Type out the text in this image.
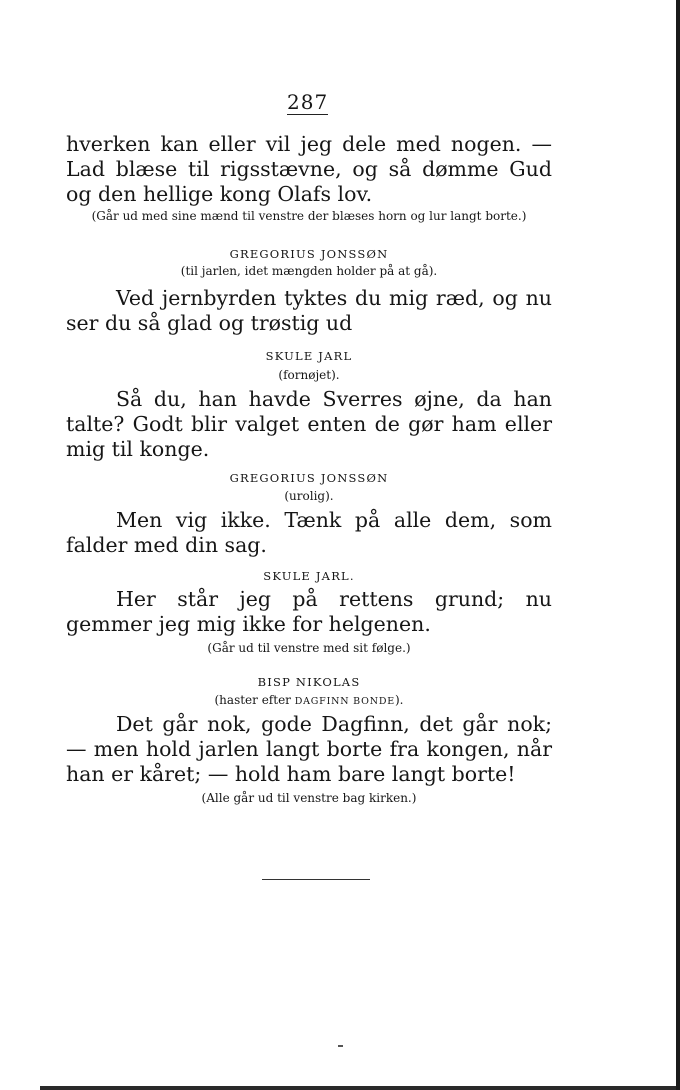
287
hverken kan eller vil jeg dele med nogen. — Lad blæse til rigsstævne, og så dømme Gud og den hellige kong Olafs lov.
(Går ud med sine mænd til venstre der blæses horn og lur langt borte.)
GREGORIUS JONSSØN
(til jarlen, idet mængden holder på at gå).
Ved jernbyrden tyktes du mig ræd, og nu ser du så glad og trøstig ud
SKULE JARL
(fornøjet).
Så du, han havde Sverres øjne, da han talte? Godt blir valget enten de gør ham eller mig til konge.
GREGORIUS JONSSØN
(urolig).
Men vig ikke. Tænk på alle dem, som falder med din sag.
SKULE JARL.
Her står jeg på rettens grund; nu gemmer jeg mig ikke for helgenen.
(Går ud til venstre med sit følge.)
BISP NIKOLAS
(haster efter DAGFINN BONDE).
Det går nok, gode Dagfinn, det går nok; — men hold jarlen langt borte fra kongen, når han er kåret; — hold ham bare langt borte!
(Alle går ud til venstre bag kirken.)
